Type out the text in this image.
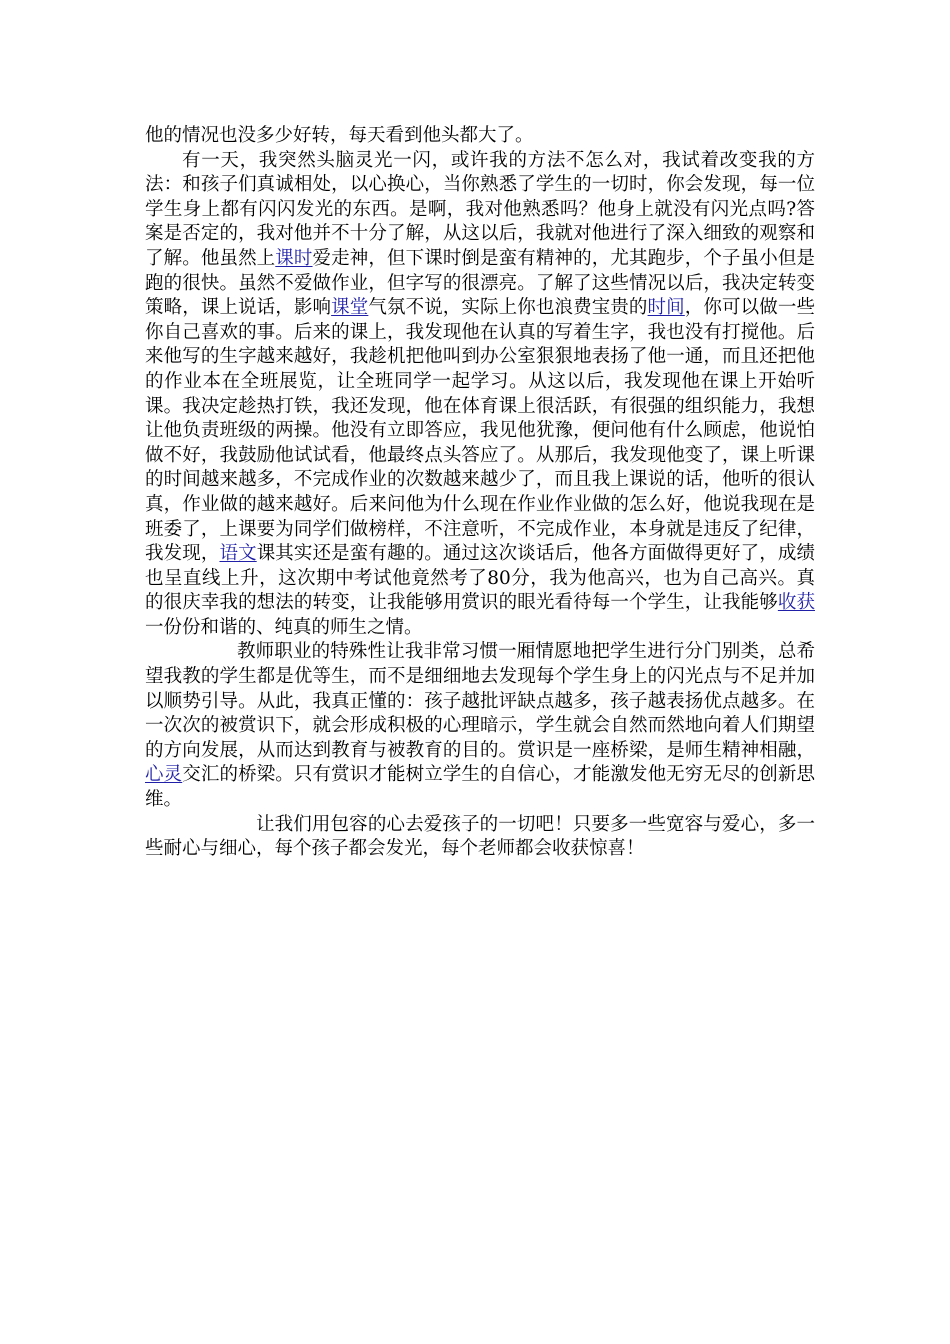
他的情况也没多少好转，每天看到他头都大了。

有一天，我突然头脑灵光一闪，或许我的方法不怎么对，我试着改变我的方法：和孩子们真诚相处，以心换心，当你熟悉了学生的一切时，你会发现，每一位学生身上都有闪闪发光的东西。是啊，我对他熟悉吗？他身上就没有闪光点吗?答案是否定的，我对他并不十分了解，从这以后，我就对他进行了深入细致的观察和了解。他虽然上课时爱走神，但下课时倒是蛮有精神的，尤其跑步，个子虽小但是跑的很快。虽然不爱做作业，但字写的很漂亮。了解了这些情况以后，我决定转变策略，课上说话，影响课堂气氛不说，实际上你也浪费宝贵的时间，你可以做一些你自己喜欢的事。后来的课上，我发现他在认真的写着生字，我也没有打搅他。后来他写的生字越来越好，我趁机把他叫到办公室狠狠地表扬了他一通，而且还把他的作业本在全班展览，让全班同学一起学习。从这以后，我发现他在课上开始听课。我决定趁热打铁，我还发现，他在体育课上很活跃，有很强的组织能力，我想让他负责班级的两操。他没有立即答应，我见他犹豫，便问他有什么顾虑，他说怕做不好，我鼓励他试试看，他最终点头答应了。从那后，我发现他变了，课上听课的时间越来越多，不完成作业的次数越来越少了，而且我上课说的话，他听的很认真，作业做的越来越好。后来问他为什么现在作业作业做的怎么好，他说我现在是班委了，上课要为同学们做榜样，不注意听，不完成作业，本身就是违反了纪律，我发现，语文课其实还是蛮有趣的。通过这次谈话后，他各方面做得更好了，成绩也呈直线上升，这次期中考试他竟然考了80分，我为他高兴，也为自己高兴。真的很庆幸我的想法的转变，让我能够用赏识的眼光看待每一个学生，让我能够收获一份份和谐的、纯真的师生之情。

教师职业的特殊性让我非常习惯一厢情愿地把学生进行分门别类，总希望我教的学生都是优等生，而不是细细地去发现每个学生身上的闪光点与不足并加以顺势引导。从此，我真正懂的：孩子越批评缺点越多，孩子越表扬优点越多。在一次次的被赏识下，就会形成积极的心理暗示，学生就会自然而然地向着人们期望的方向发展，从而达到教育与被教育的目的。赏识是一座桥梁，是师生精神相融，心灵交汇的桥梁。只有赏识才能树立学生的自信心，才能激发他无穷无尽的创新思维。

让我们用包容的心去爱孩子的一切吧！只要多一些宽容与爱心，多一些耐心与细心，每个孩子都会发光，每个老师都会收获惊喜！
